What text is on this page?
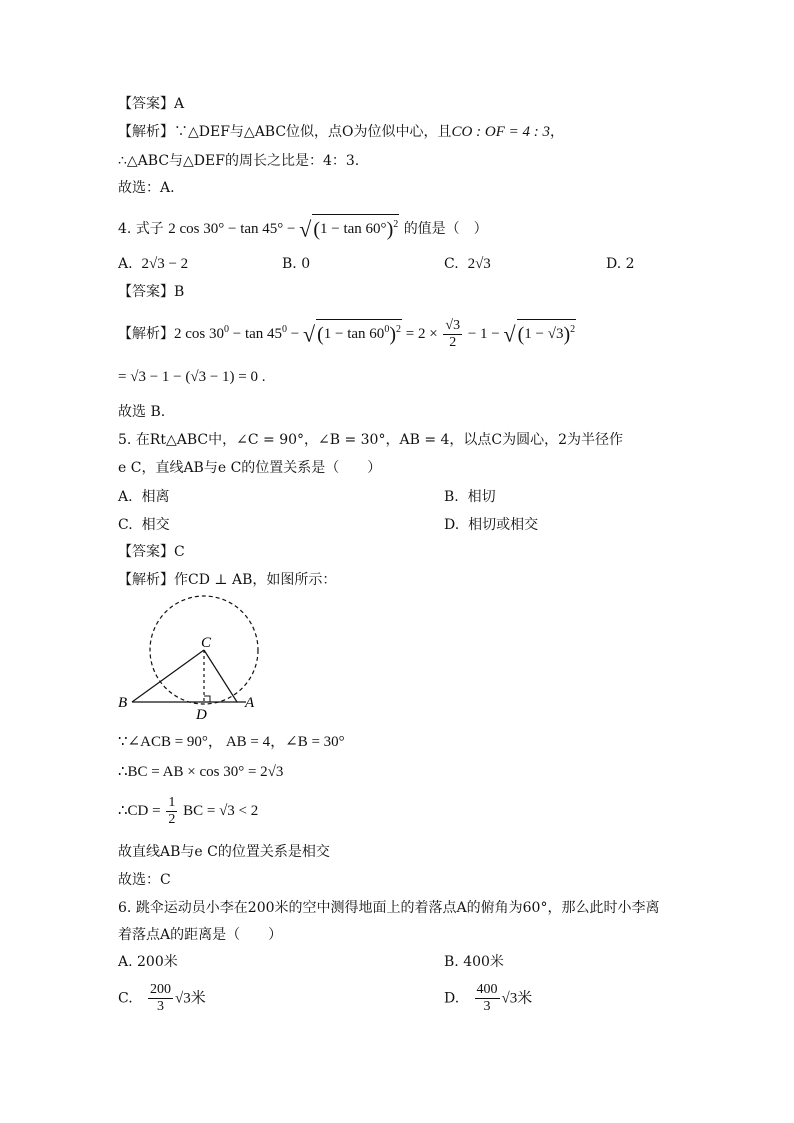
【答案】A
【解析】∵△DEF与△ABC位似，点O为位似中心，且CO : OF = 4 : 3，
∴△ABC与△DEF的周长之比是：4：3.
故选：A.
4. 式子 2 cos 30° − tan 45° − √ $(1 - \tan 60^\circ)^2$ 的值是（　）
A. 2√3 − 2	B. 0	C. 2√3	D. 2
【答案】B
【解析】2 $\cos 30^0 - \tan 45^0$ − √ $(1 - \tan 60^0)^2 = 2 \times \frac{√3}{2} - 1$ − √ $(1 - √3)^2$
= √3 − 1 − (√3 − 1) = 0 .
故选 B.
5. 在Rt△ABC中，∠C = 90°，∠B = 30°，AB = 4，以点C为圆心，2为半径作
e C，直线AB与e C的位置关系是（　　）
A. 相离	B. 相切
C. 相交	D. 相切或相交
【答案】C
【解析】作CD ⊥ AB，如图所示：
C
B
D
A
∵∠ACB = 90°， AB = 4，∠B = 30°
∴BC = AB × cos 30° = 2√3
∴CD = $\frac{1}{2}$ BC = √3 < 2
故直线AB与e C的位置关系是相交
故选：C
6. 跳伞运动员小李在200米的空中测得地面上的着落点A的俯角为60°，那么此时小李离
着落点A的距离是（　　）
A. 200米	B. 400米
C. $\frac{200}{3} √3$米	D. $\frac{400}{3} √3$米
